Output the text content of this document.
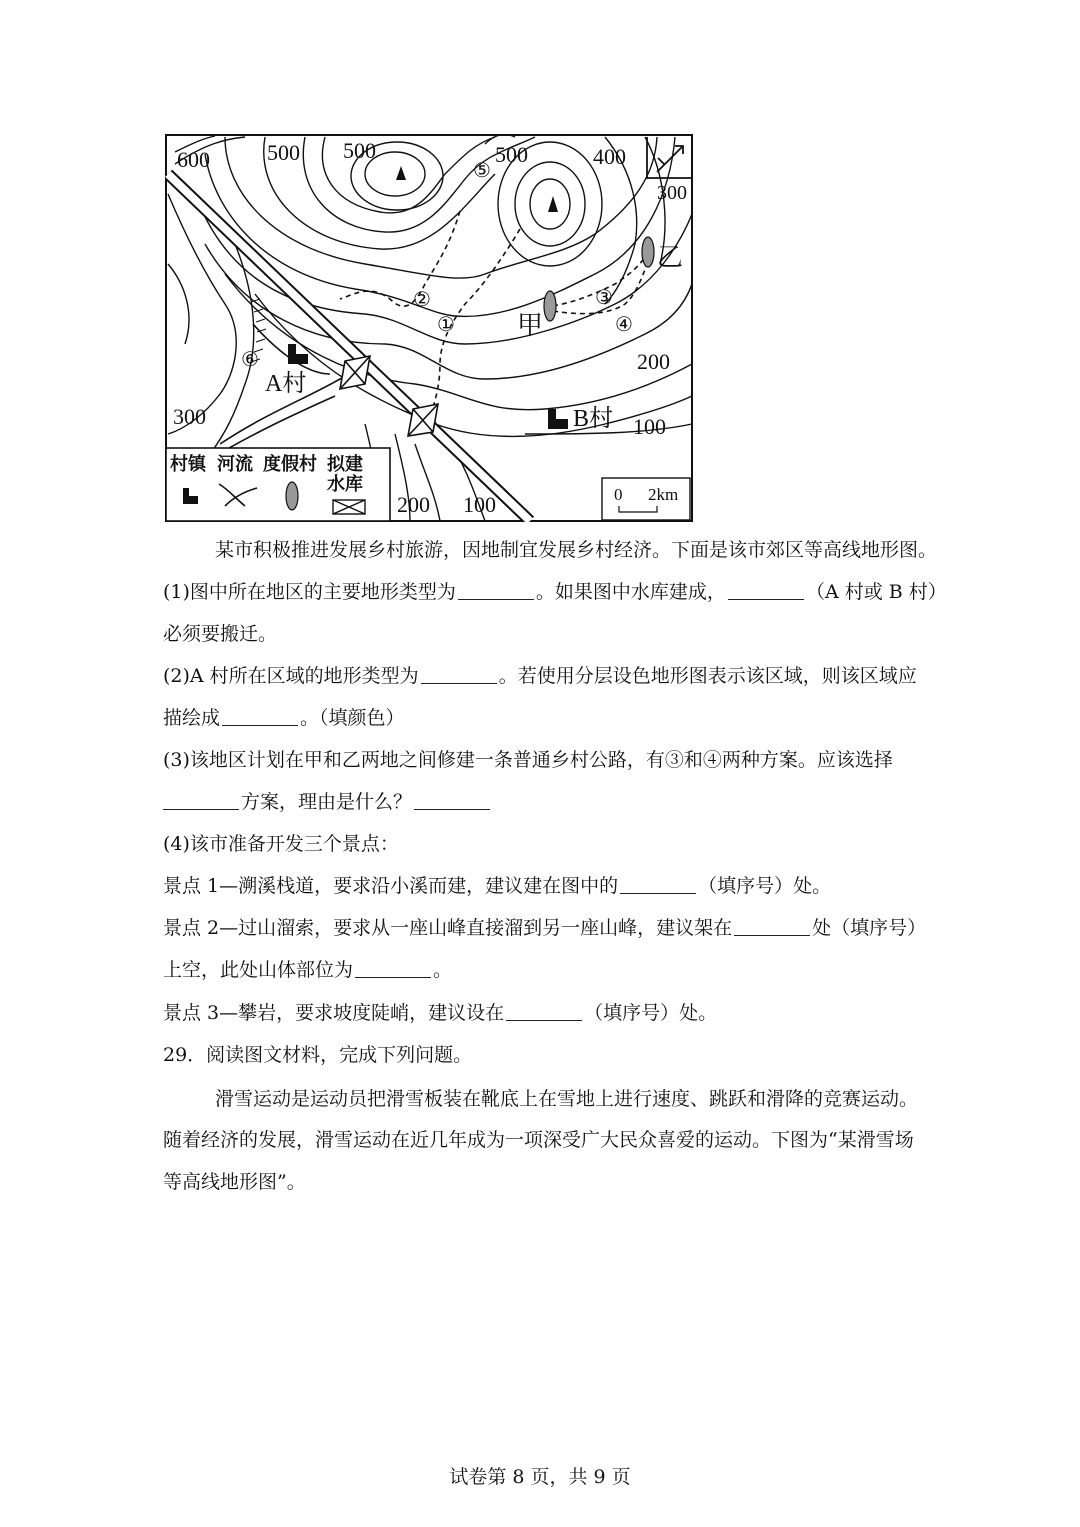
600	500 500	500	400
300
200
300	100
200 100
A村
B村
甲
乙
①
②	③
④
⑤
⑥
村镇 河流 度假村 拟建
水库
0 2km
某市积极推进发展乡村旅游，因地制宜发展乡村经济。下面是该市郊区等高线地形图。
(1)图中所在地区的主要地形类型为	。如果图中水库建成，	（A 村或 B 村）
必须要搬迁。
(2)A 村所在区域的地形类型为	。若使用分层设色地形图表示该区域，则该区域应
描绘成	。（填颜色）
(3)该地区计划在甲和乙两地之间修建一条普通乡村公路，有③和④两种方案。应该选择
方案，理由是什么？
(4)该市准备开发三个景点：
景点 1—溯溪栈道，要求沿小溪而建，建议建在图中的	（填序号）处。
景点 2—过山溜索，要求从一座山峰直接溜到另一座山峰，建议架在	处（填序号）
上空，此处山体部位为	。
景点 3—攀岩，要求坡度陡峭，建议设在	（填序号）处。
29．阅读图文材料，完成下列问题。
滑雪运动是运动员把滑雪板装在靴底上在雪地上进行速度、跳跃和滑降的竞赛运动。
随着经济的发展，滑雪运动在近几年成为一项深受广大民众喜爱的运动。下图为“某滑雪场
等高线地形图”。
试卷第 8 页，共 9 页
